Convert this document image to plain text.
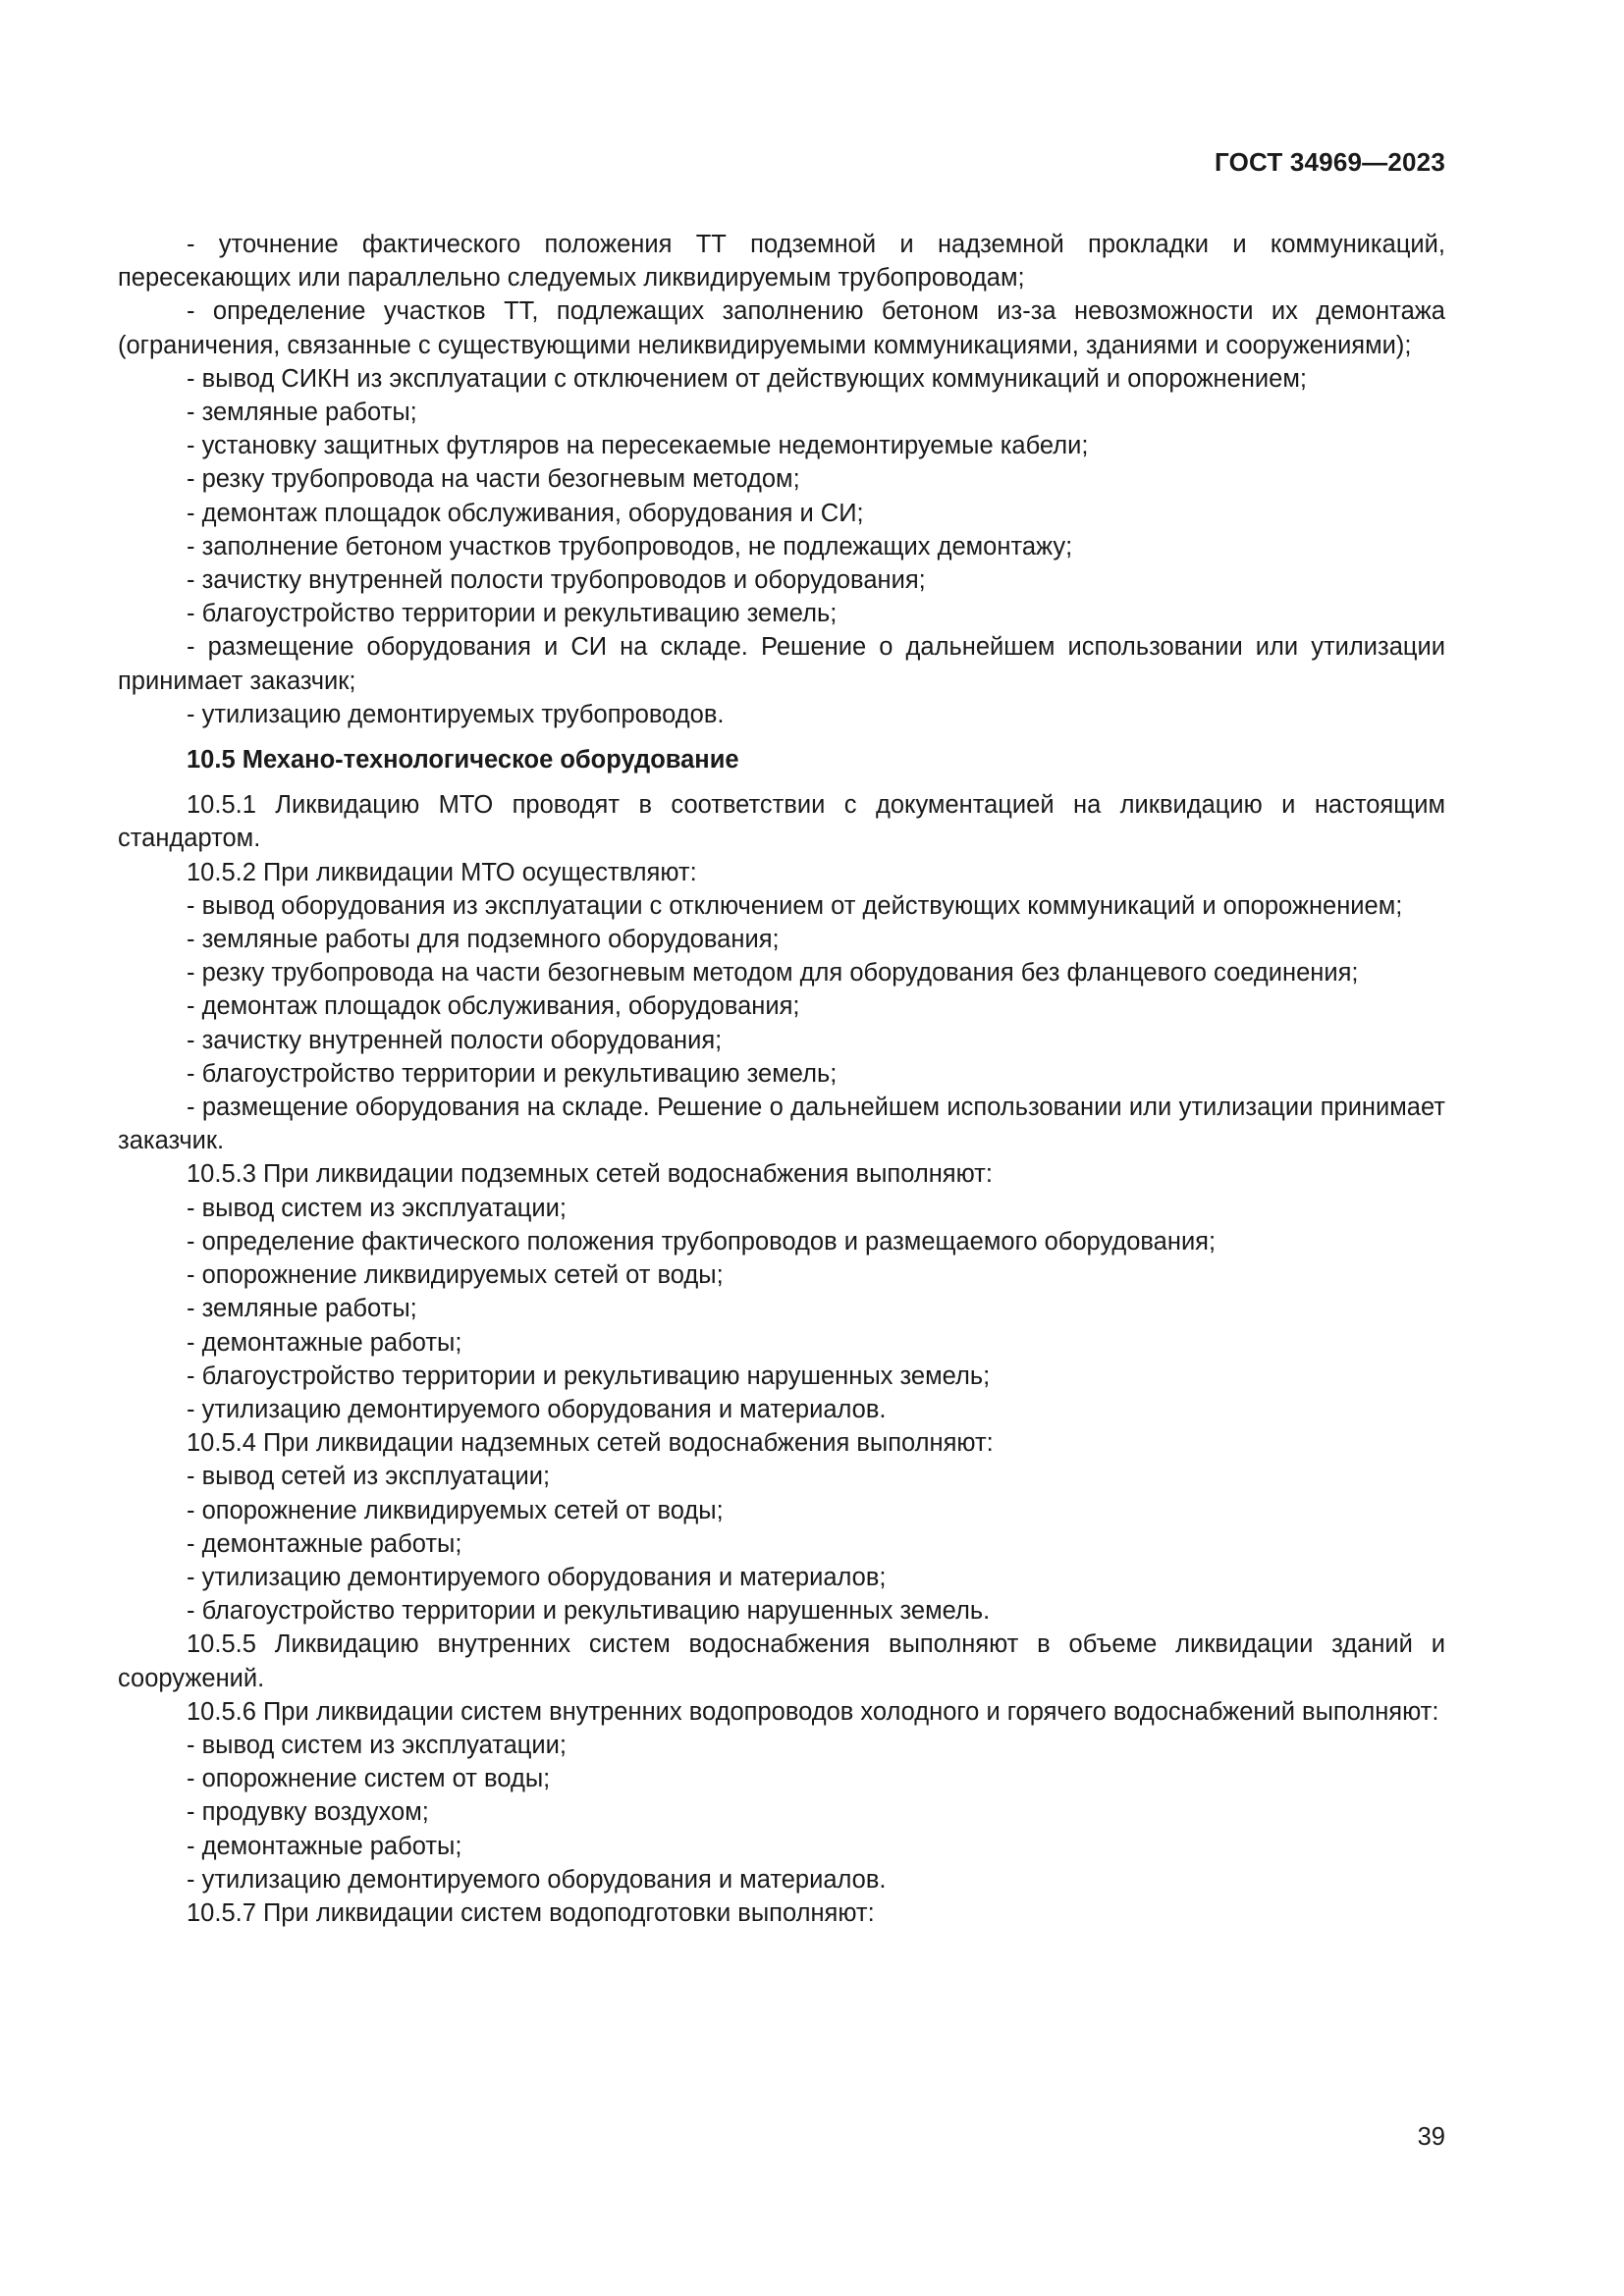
ГОСТ 34969—2023

- уточнение фактического положения ТТ подземной и надземной прокладки и коммуникаций, пересекающих или параллельно следуемых ликвидируемым трубопроводам;

- определение участков ТТ, подлежащих заполнению бетоном из-за невозможности их демонтажа (ограничения, связанные с существующими неликвидируемыми коммуникациями, зданиями и сооружениями);

- вывод СИКН из эксплуатации с отключением от действующих коммуникаций и опорожнением;

- земляные работы;

- установку защитных футляров на пересекаемые недемонтируемые кабели;

- резку трубопровода на части безогневым методом;

- демонтаж площадок обслуживания, оборудования и СИ;

- заполнение бетоном участков трубопроводов, не подлежащих демонтажу;

- зачистку внутренней полости трубопроводов и оборудования;

- благоустройство территории и рекультивацию земель;

- размещение оборудования и СИ на складе. Решение о дальнейшем использовании или утилизации принимает заказчик;

- утилизацию демонтируемых трубопроводов.

10.5 Механо-технологическое оборудование

10.5.1 Ликвидацию МТО проводят в соответствии с документацией на ликвидацию и настоящим стандартом.

10.5.2 При ликвидации МТО осуществляют:

- вывод оборудования из эксплуатации с отключением от действующих коммуникаций и опорожнением;

- земляные работы для подземного оборудования;

- резку трубопровода на части безогневым методом для оборудования без фланцевого соединения;

- демонтаж площадок обслуживания, оборудования;

- зачистку внутренней полости оборудования;

- благоустройство территории и рекультивацию земель;

- размещение оборудования на складе. Решение о дальнейшем использовании или утилизации принимает заказчик.

10.5.3 При ликвидации подземных сетей водоснабжения выполняют:

- вывод систем из эксплуатации;

- определение фактического положения трубопроводов и размещаемого оборудования;

- опорожнение ликвидируемых сетей от воды;

- земляные работы;

- демонтажные работы;

- благоустройство территории и рекультивацию нарушенных земель;

- утилизацию демонтируемого оборудования и материалов.

10.5.4 При ликвидации надземных сетей водоснабжения выполняют:

- вывод сетей из эксплуатации;

- опорожнение ликвидируемых сетей от воды;

- демонтажные работы;

- утилизацию демонтируемого оборудования и материалов;

- благоустройство территории и рекультивацию нарушенных земель.

10.5.5 Ликвидацию внутренних систем водоснабжения выполняют в объеме ликвидации зданий и сооружений.

10.5.6 При ликвидации систем внутренних водопроводов холодного и горячего водоснабжений выполняют:

- вывод систем из эксплуатации;

- опорожнение систем от воды;

- продувку воздухом;

- демонтажные работы;

- утилизацию демонтируемого оборудования и материалов.

10.5.7 При ликвидации систем водоподготовки выполняют:

39
